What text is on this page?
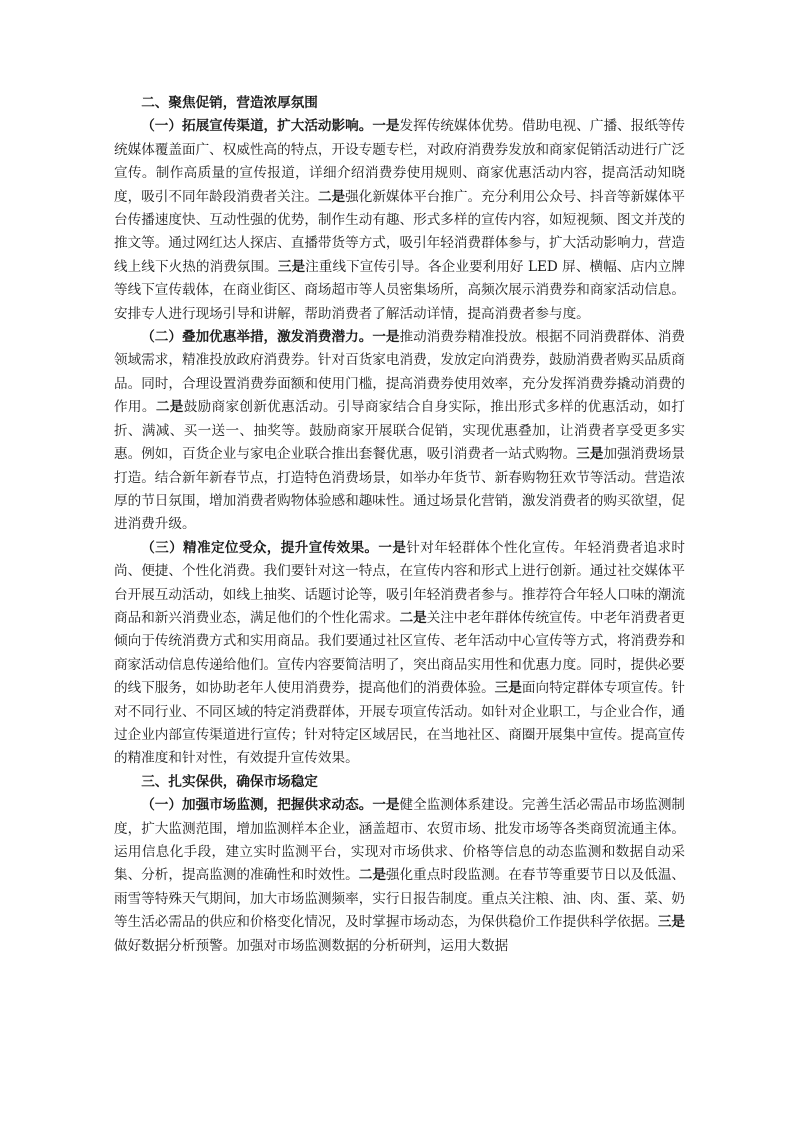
二、聚焦促销，营造浓厚氛围

（一）拓展宣传渠道，扩大活动影响。一是发挥传统媒体优势。借助电视、广播、报纸等传统媒体覆盖面广、权威性高的特点，开设专题专栏，对政府消费券发放和商家促销活动进行广泛宣传。制作高质量的宣传报道，详细介绍消费券使用规则、商家优惠活动内容，提高活动知晓度，吸引不同年龄段消费者关注。二是强化新媒体平台推广。充分利用公众号、抖音等新媒体平台传播速度快、互动性强的优势，制作生动有趣、形式多样的宣传内容，如短视频、图文并茂的推文等。通过网红达人探店、直播带货等方式，吸引年轻消费群体参与，扩大活动影响力，营造线上线下火热的消费氛围。三是注重线下宣传引导。各企业要利用好 LED 屏、横幅、店内立牌等线下宣传载体，在商业街区、商场超市等人员密集场所，高频次展示消费券和商家活动信息。安排专人进行现场引导和讲解，帮助消费者了解活动详情，提高消费者参与度。

（二）叠加优惠举措，激发消费潜力。一是推动消费券精准投放。根据不同消费群体、消费领域需求，精准投放政府消费券。针对百货家电消费，发放定向消费券，鼓励消费者购买品质商品。同时，合理设置消费券面额和使用门槛，提高消费券使用效率，充分发挥消费券撬动消费的作用。二是鼓励商家创新优惠活动。引导商家结合自身实际，推出形式多样的优惠活动，如打折、满减、买一送一、抽奖等。鼓励商家开展联合促销，实现优惠叠加，让消费者享受更多实惠。例如，百货企业与家电企业联合推出套餐优惠，吸引消费者一站式购物。三是加强消费场景打造。结合新年新春节点，打造特色消费场景，如举办年货节、新春购物狂欢节等活动。营造浓厚的节日氛围，增加消费者购物体验感和趣味性。通过场景化营销，激发消费者的购买欲望，促进消费升级。

（三）精准定位受众，提升宣传效果。一是针对年轻群体个性化宣传。年轻消费者追求时尚、便捷、个性化消费。我们要针对这一特点，在宣传内容和形式上进行创新。通过社交媒体平台开展互动活动，如线上抽奖、话题讨论等，吸引年轻消费者参与。推荐符合年轻人口味的潮流商品和新兴消费业态，满足他们的个性化需求。二是关注中老年群体传统宣传。中老年消费者更倾向于传统消费方式和实用商品。我们要通过社区宣传、老年活动中心宣传等方式，将消费券和商家活动信息传递给他们。宣传内容要简洁明了，突出商品实用性和优惠力度。同时，提供必要的线下服务，如协助老年人使用消费券，提高他们的消费体验。三是面向特定群体专项宣传。针对不同行业、不同区域的特定消费群体，开展专项宣传活动。如针对企业职工，与企业合作，通过企业内部宣传渠道进行宣传；针对特定区域居民，在当地社区、商圈开展集中宣传。提高宣传的精准度和针对性，有效提升宣传效果。

三、扎实保供，确保市场稳定

（一）加强市场监测，把握供求动态。一是健全监测体系建设。完善生活必需品市场监测制度，扩大监测范围，增加监测样本企业，涵盖超市、农贸市场、批发市场等各类商贸流通主体。运用信息化手段，建立实时监测平台，实现对市场供求、价格等信息的动态监测和数据自动采集、分析，提高监测的准确性和时效性。二是强化重点时段监测。在春节等重要节日以及低温、雨雪等特殊天气期间，加大市场监测频率，实行日报告制度。重点关注粮、油、肉、蛋、菜、奶等生活必需品的供应和价格变化情况，及时掌握市场动态，为保供稳价工作提供科学依据。三是做好数据分析预警。加强对市场监测数据的分析研判，运用大数据
